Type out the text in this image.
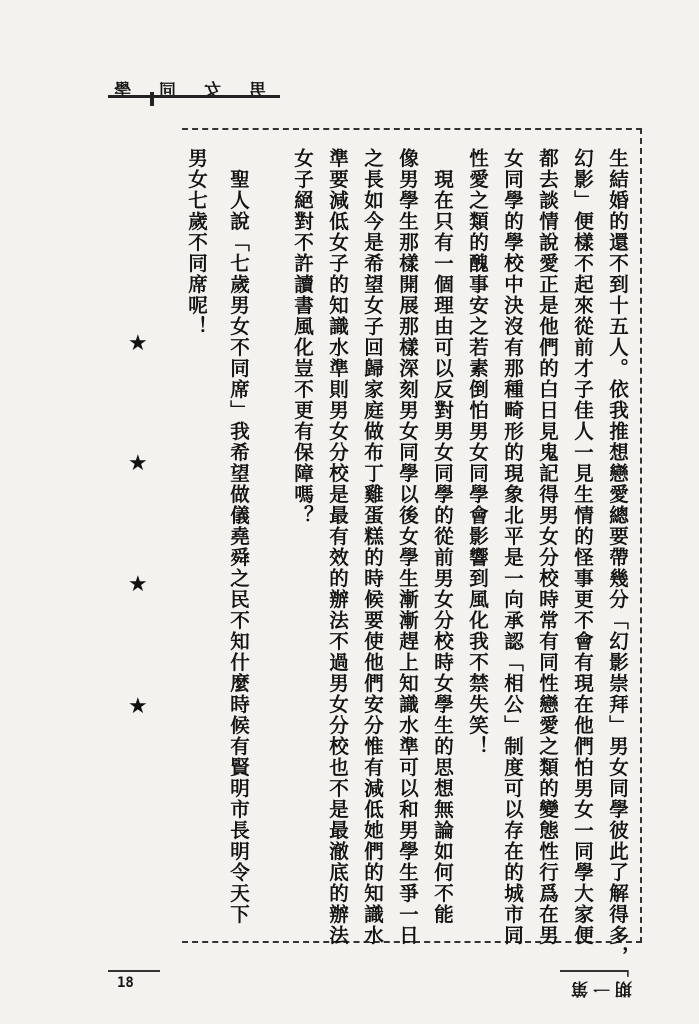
學 同 女 男
生結婚的還不到十五人。依我推想戀愛總要帶幾分「幻影崇拜」男女同學彼此了解得多，「
幻影」便樣不起來從前才子佳人一見生情的怪事更不會有現在他們怕男女一同學大家便
都去談情說愛正是他們的白日見鬼記得男女分校時常有同性戀愛之類的變態性行爲在男
女同學的學校中決沒有那種畸形的現象北平是一向承認「相公」制度可以存在的城市同
性愛之類的醜事安之若素倒怕男女同學會影響到風化我不禁失笑！
　現在只有一個理由可以反對男女同學的從前男女分校時女學生的思想無論如何不能
像男學生那樣開展那樣深刻男女同學以後女學生漸漸趕上知識水準可以和男學生爭一日
之長如今是希望女子回歸家庭做布丁雞蛋糕的時候要使他們安分惟有減低她們的知識水
準要減低女子的知識水準則男女分校是最有效的辦法不過男女分校也不是最澈底的辦法
女子絕對不許讀書風化豈不更有保障嗎？
　聖人說「七歲男女不同席」我希望做儀堯舜之民不知什麼時候有賢明市長明令天下
男女七歲不同席呢！
★
★
★
★
18	第 一 期
